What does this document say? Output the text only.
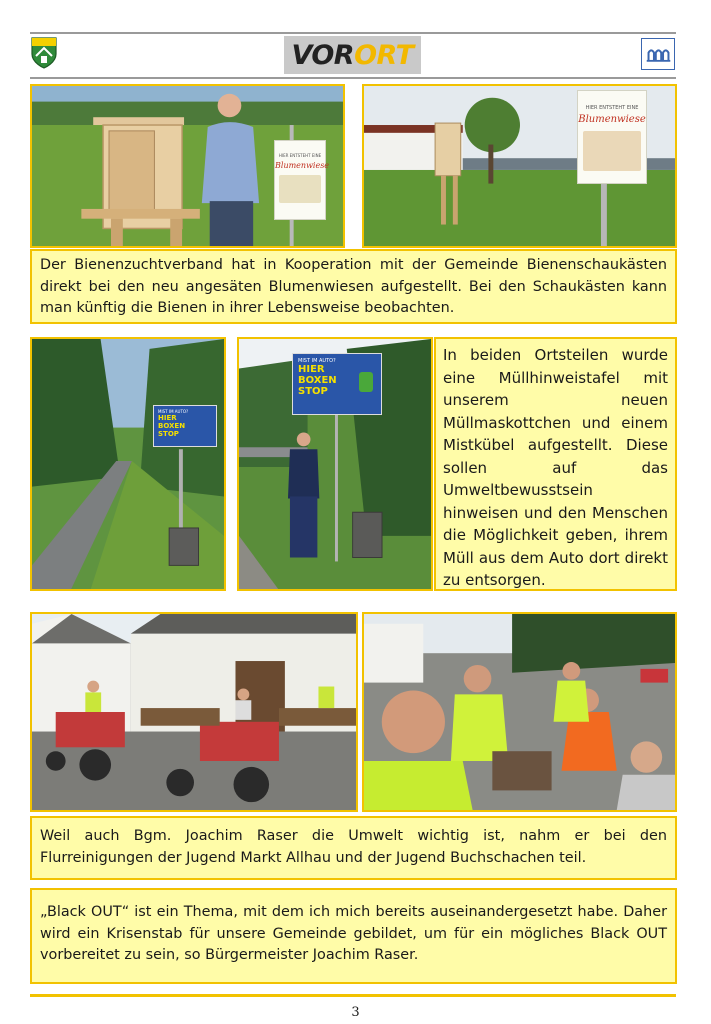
VOR ORT
HIER ENTSTEHT EINE
Blumenwiese
HIER ENTSTEHT EINE
Blumenwiese
Der Bienenzuchtverband hat in Kooperation mit der Gemeinde Bienenschaukästen direkt bei den neu angesäten Blumenwiesen aufgestellt. Bei den Schaukästen kann man künftig die Bienen in ihrer Lebensweise beobachten.
MIST IM AUTO?
HIER
BOXEN
STOP
MIST IM AUTO?
HIER
BOXEN
STOP
In beiden Ortsteilen wurde eine Müllhinweistafel mit unserem neuen Müllmaskottchen und einem Mistkübel aufgestellt. Diese sollen auf das Umweltbewusstsein hinweisen und den Menschen die Möglichkeit geben, ihrem Müll aus dem Auto dort direkt zu entsorgen.
Weil auch Bgm. Joachim Raser die Umwelt wichtig ist, nahm er bei den Flurreinigungen der Jugend Markt Allhau und der Jugend Buchschachen teil.
„Black OUT“ ist ein Thema, mit dem ich mich bereits auseinandergesetzt habe. Daher wird ein Krisenstab für unsere Gemeinde gebildet, um für ein mögliches Black OUT vorbereitet zu sein, so Bürgermeister Joachim Raser.
3
